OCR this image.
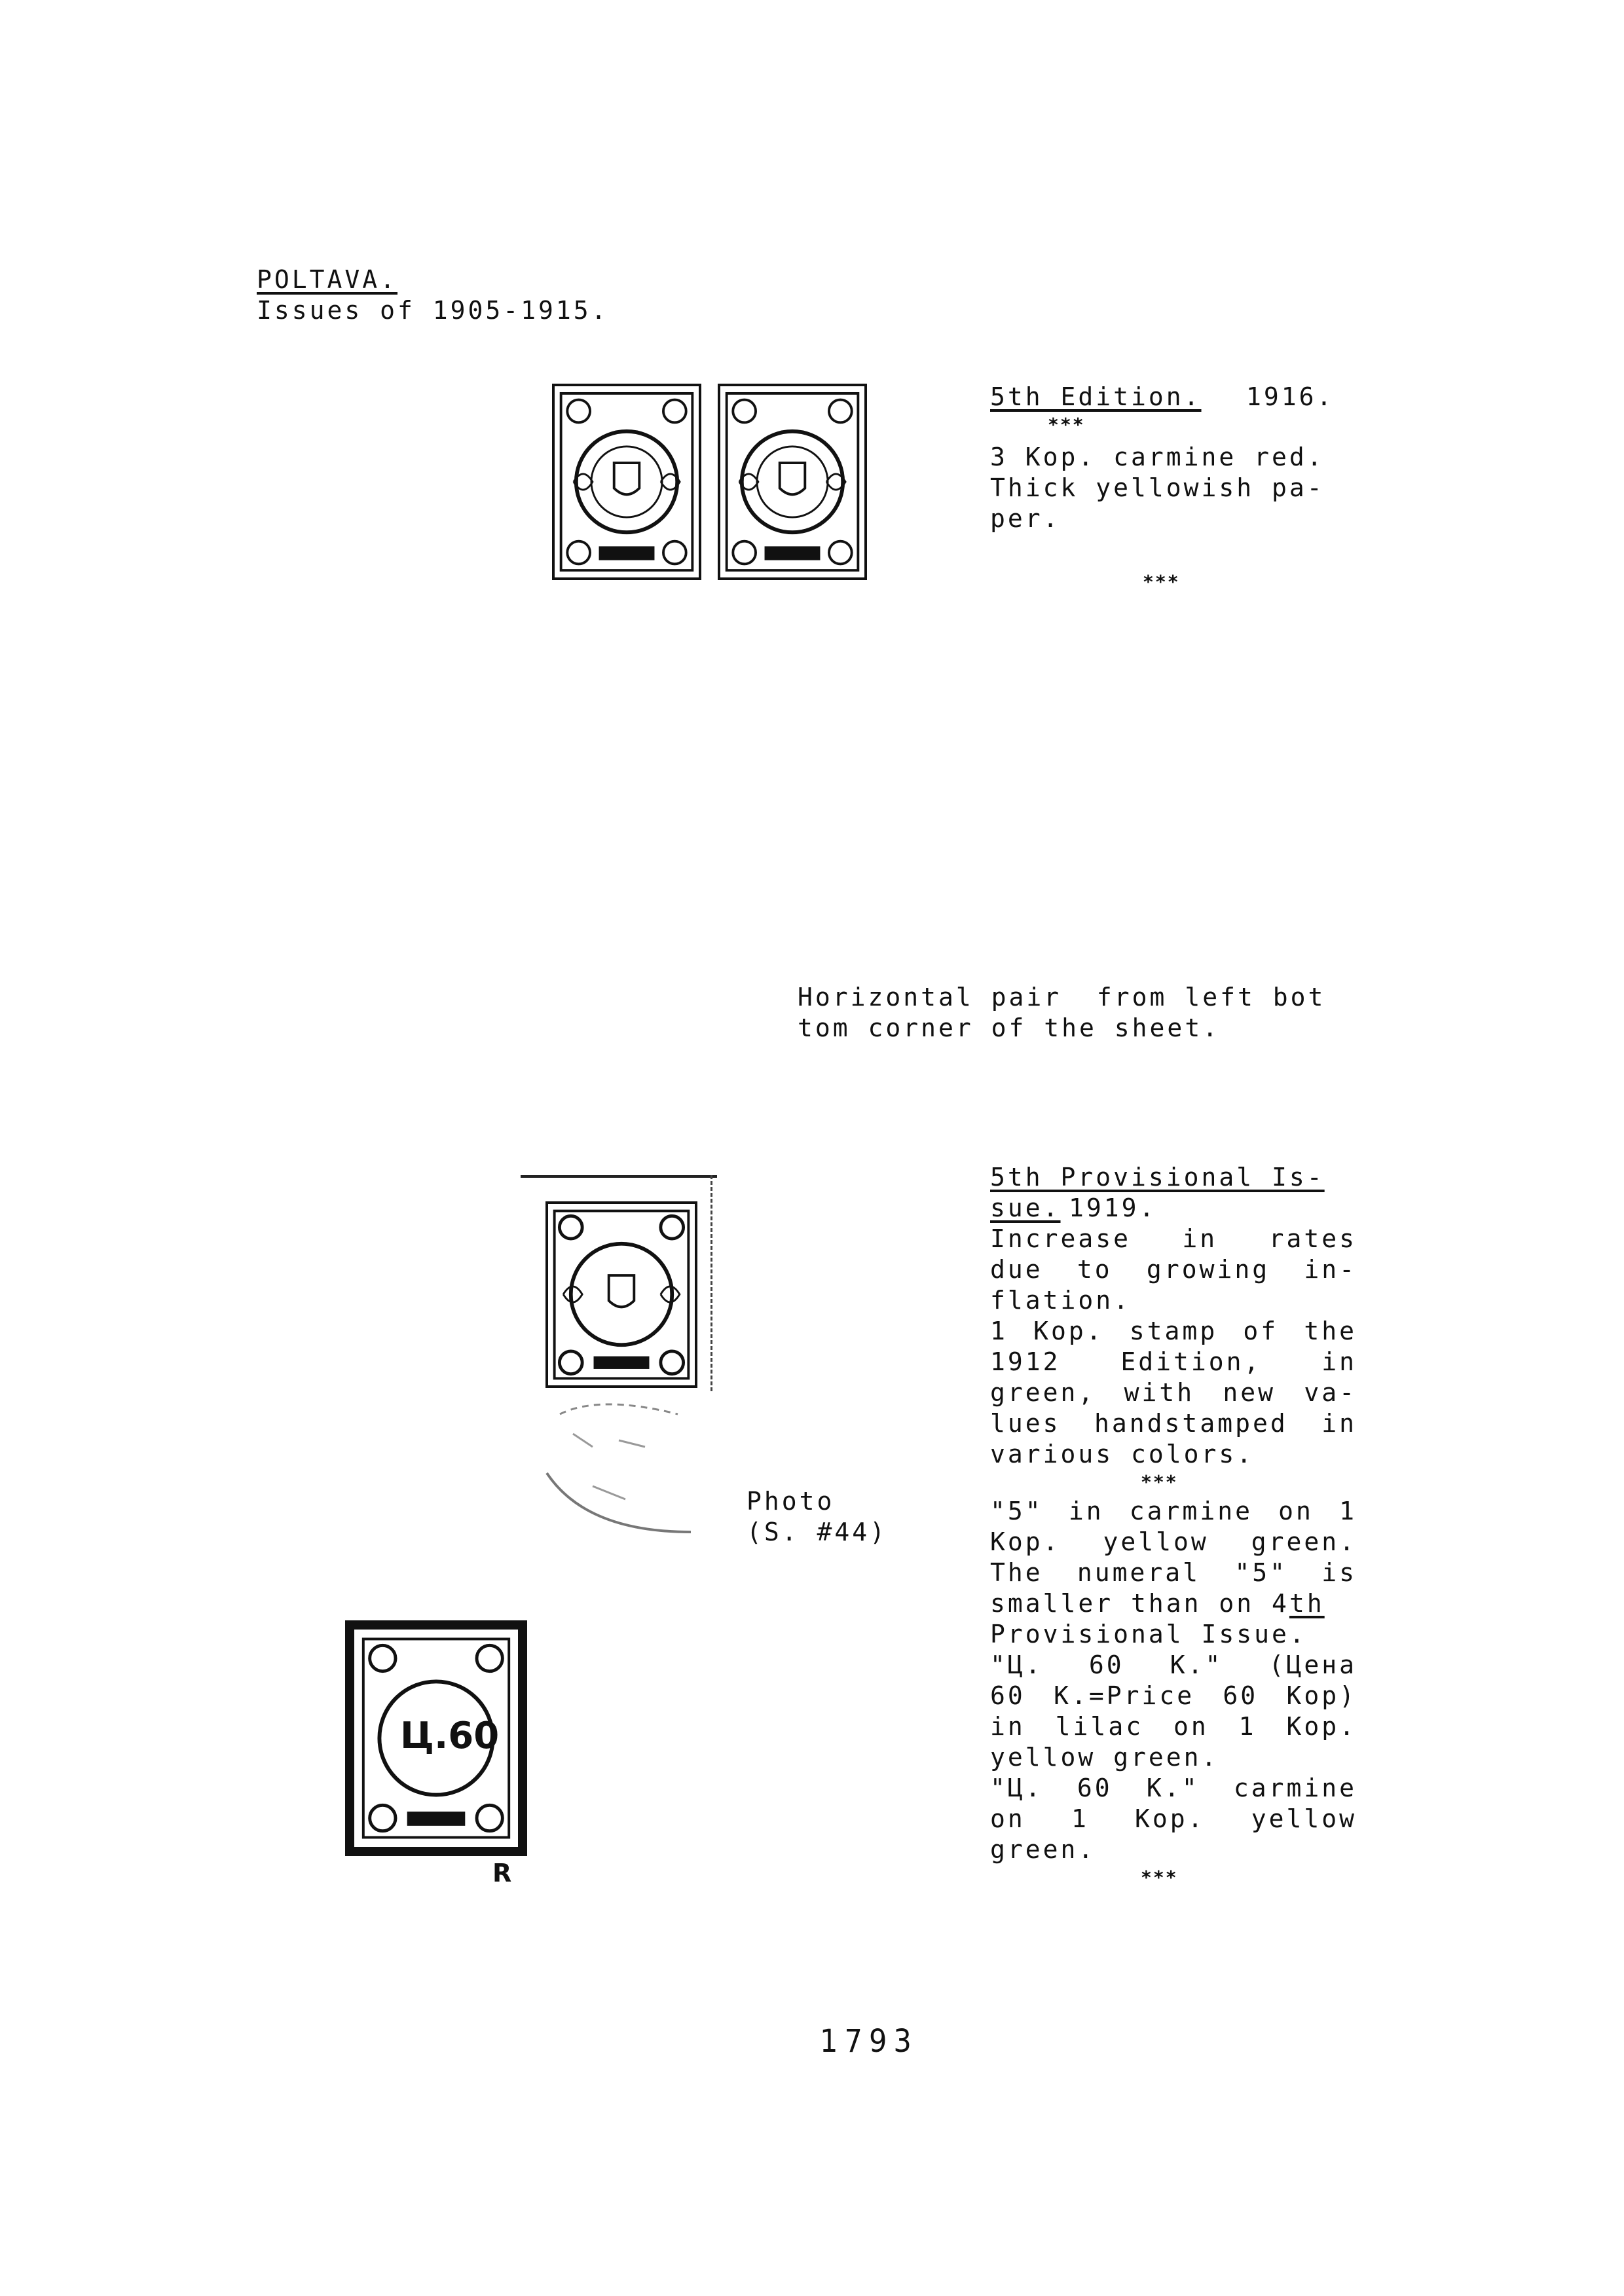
POLTAVA.
Issues of 1905-1915.
5th Edition. 1916.
***
3 Kop. carmine red.
Thick yellowish pa-
per.
***
Horizontal pair  from left bot
tom corner of the sheet.
Photo
(S. #44)
5th Provisional Is-
sue. 1919.
Increase in rates
due to growing in-
flation.
1 Kop. stamp of the
1912 Edition, in
green, with new va-
lues handstamped in
various colors.
***
"5" in carmine on 1
Kop. yellow green.
The numeral "5" is
smaller than on 4th
Provisional Issue.
"Ц. 60 K." (Цена
60 K.=Price 60 Kop)
in lilac on 1 Kop.
yellow green.
"Ц. 60 K." carmine
on 1 Kop. yellow
green.
***
Ц.60
R
1793
